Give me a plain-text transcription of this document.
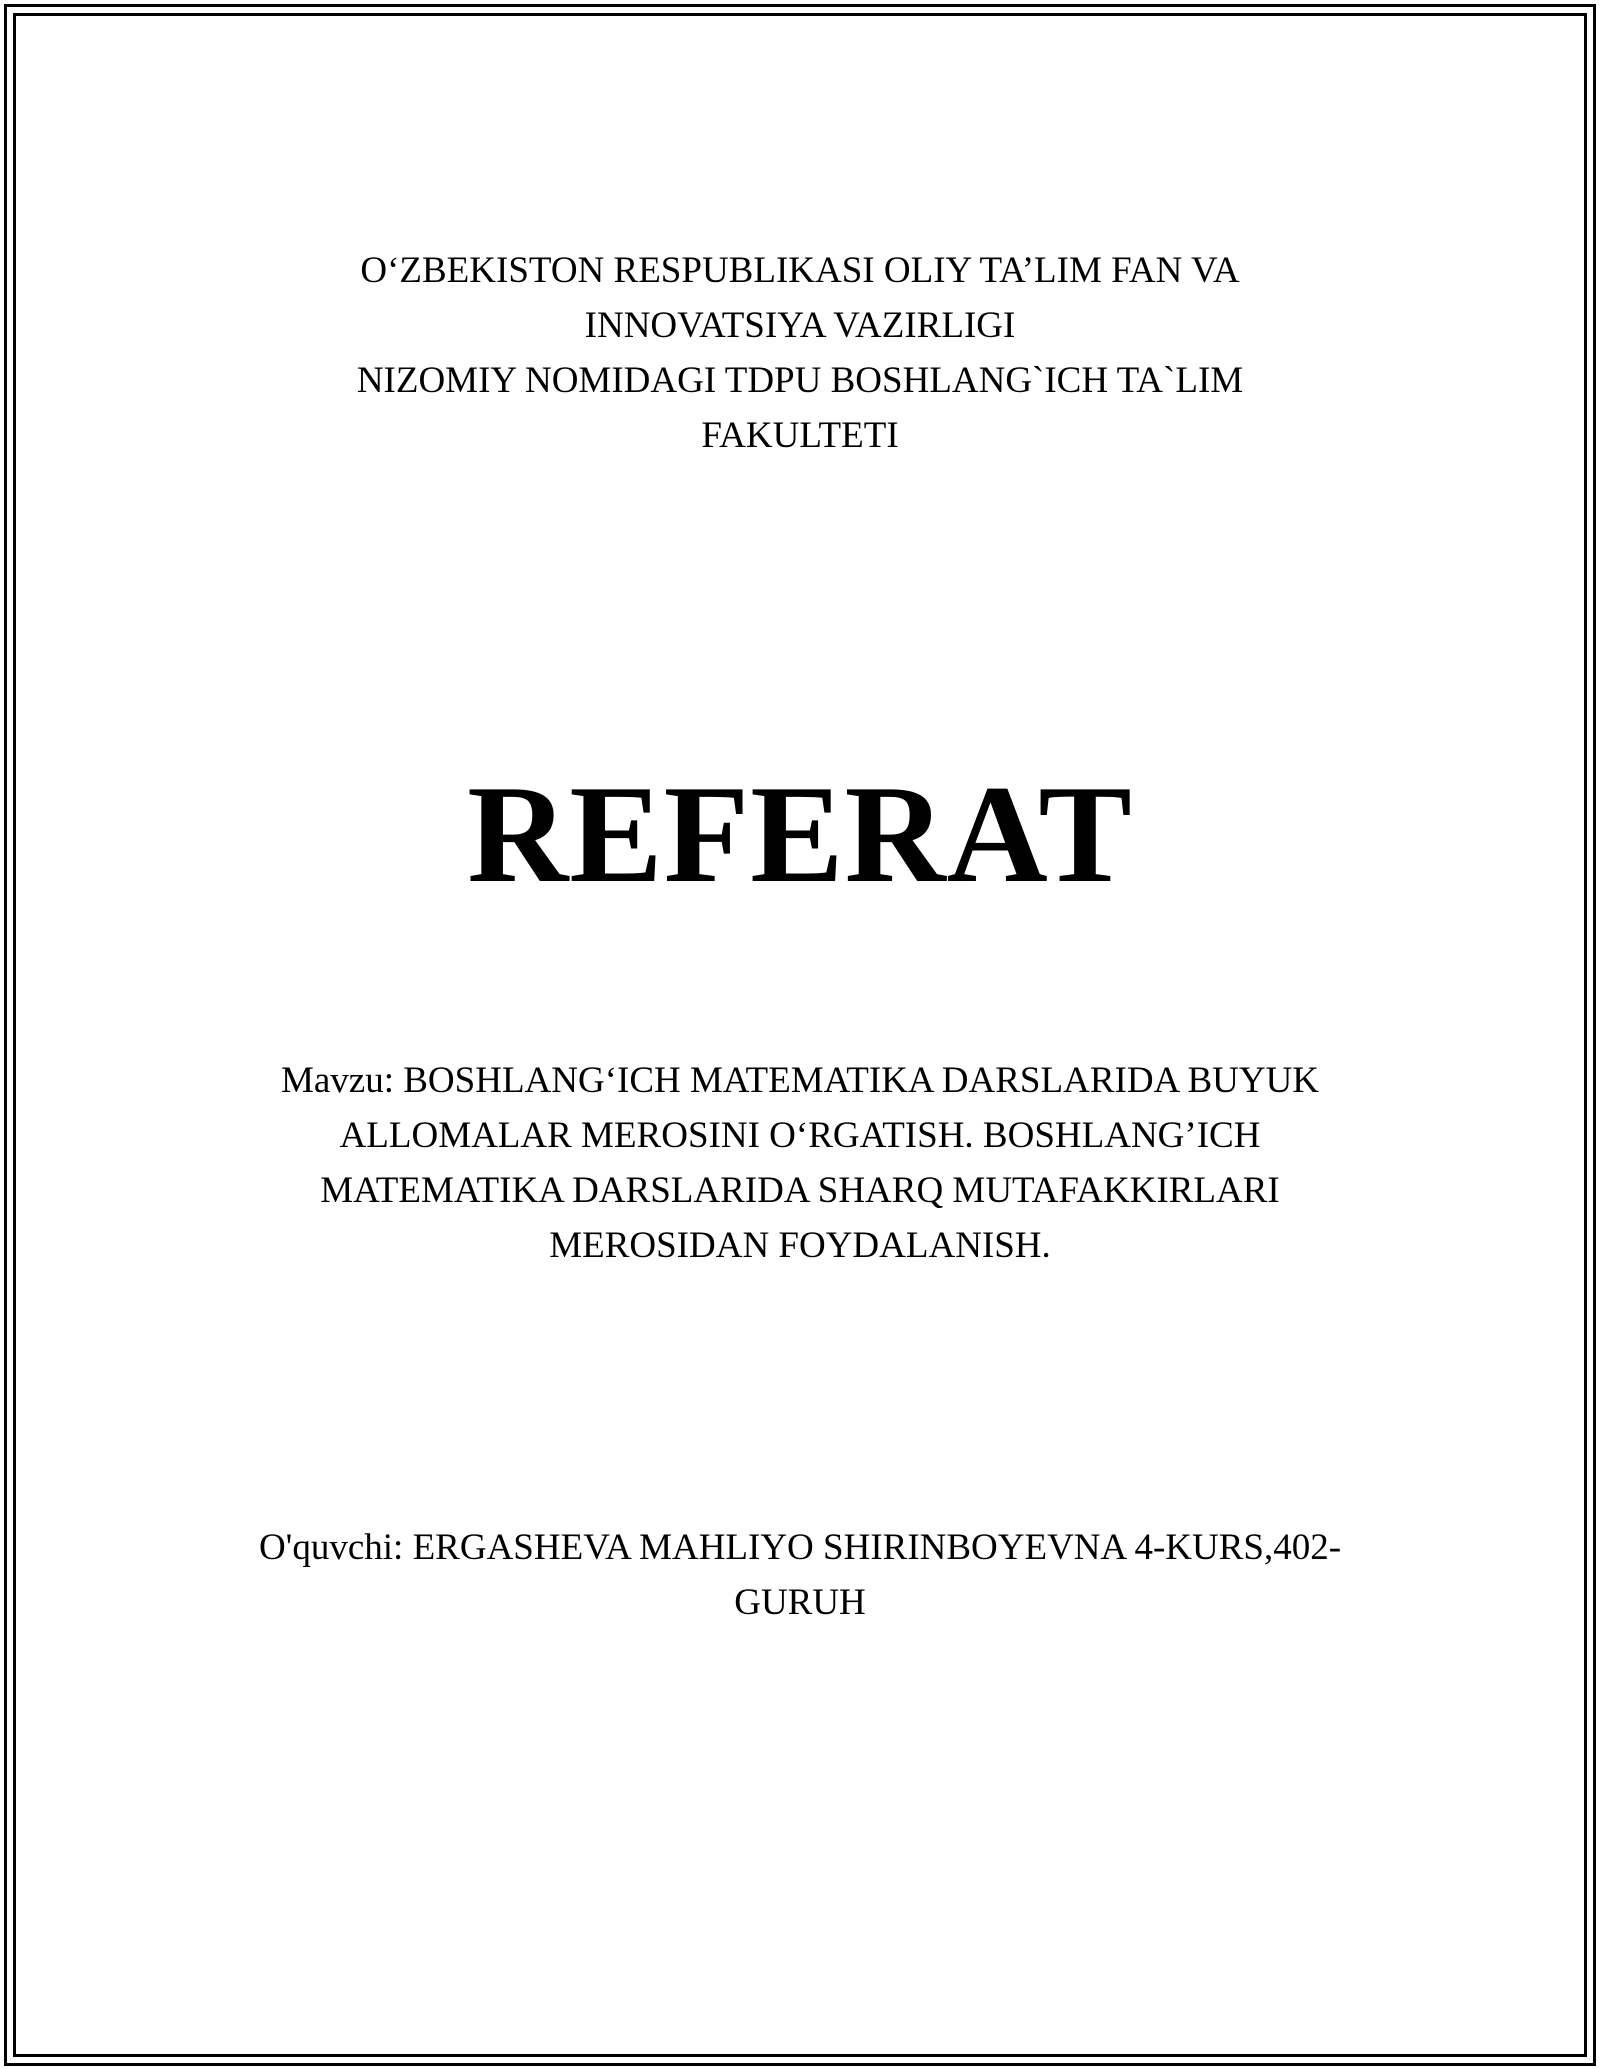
O‘ZBEKISTON RESPUBLIKASI OLIY TA’LIM FAN VA
INNOVATSIYA VAZIRLIGI
NIZOMIY NOMIDAGI TDPU BOSHLANG`ICH TA`LIM
FAKULTETI
REFERAT
Mavzu: BOSHLANG‘ICH MATEMATIKA DARSLARIDA BUYUK
ALLOMALAR MEROSINI O‘RGATISH. BOSHLANG’ICH
MATEMATIKA DARSLARIDA SHARQ MUTAFAKKIRLARI
MEROSIDAN FOYDALANISH.
O'quvchi: ERGASHEVA MAHLIYO SHIRINBOYEVNA 4-KURS,402-
GURUH
